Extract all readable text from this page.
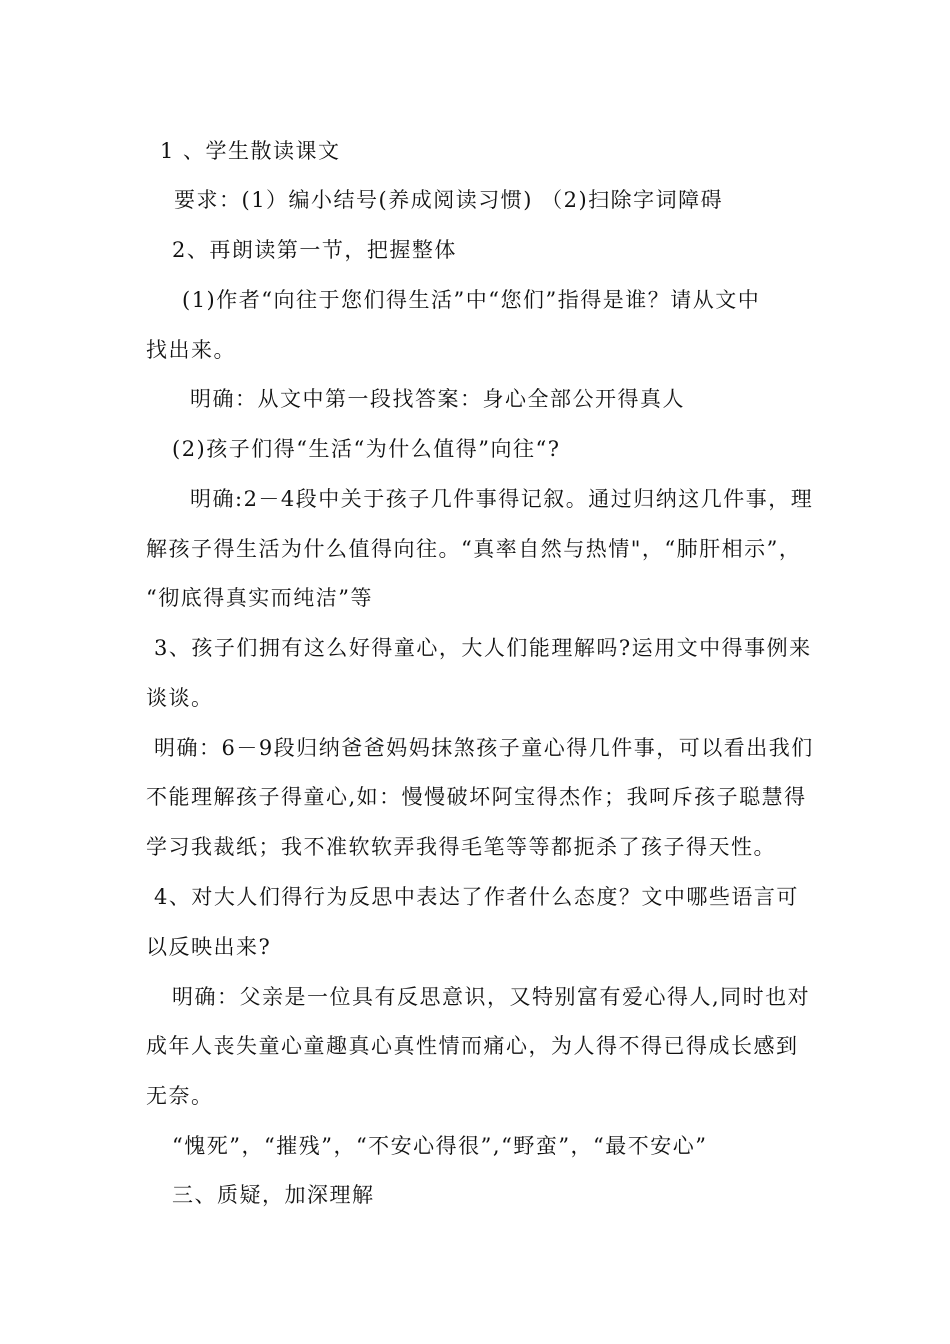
1 、学生散读课文
要求：(1）编小结号(养成阅读习惯) （2)扫除字词障碍
2、再朗读第一节，把握整体
(1)作者“向往于您们得生活”中“您们”指得是谁？请从文中
找出来。
明确：从文中第一段找答案：身心全部公开得真人
(2)孩子们得“生活“为什么值得”向往“?
明确:2－4段中关于孩子几件事得记叙。通过归纳这几件事，理
解孩子得生活为什么值得向往。“真率自然与热情"，“肺肝相示”，
“彻底得真实而纯洁”等
3、孩子们拥有这么好得童心，大人们能理解吗?运用文中得事例来
谈谈。
明确：6－9段归纳爸爸妈妈抹煞孩子童心得几件事，可以看出我们
不能理解孩子得童心,如：慢慢破坏阿宝得杰作；我呵斥孩子聪慧得
学习我裁纸；我不准软软弄我得毛笔等等都扼杀了孩子得天性。
4、对大人们得行为反思中表达了作者什么态度？文中哪些语言可
以反映出来?
明确：父亲是一位具有反思意识，又特别富有爱心得人,同时也对
成年人丧失童心童趣真心真性情而痛心，为人得不得已得成长感到
无奈。
“愧死”，“摧残”，“不安心得很”,“野蛮”，“最不安心”
三、质疑，加深理解
